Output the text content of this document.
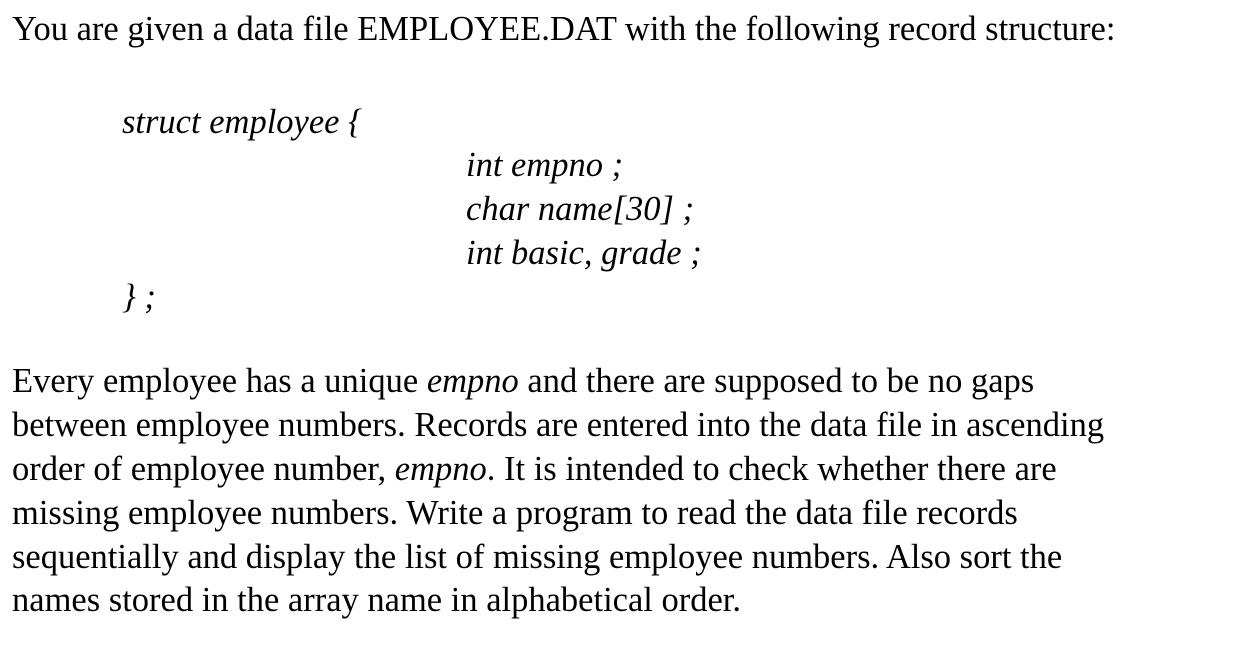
You are given a data file EMPLOYEE.DAT with the following record structure:
struct employee {
int empno ;
char name[30] ;
int basic, grade ;
} ;
Every employee has a unique empno and there are supposed to be no gaps
between employee numbers. Records are entered into the data file in ascending
order of employee number, empno. It is intended to check whether there are
missing employee numbers. Write a program to read the data file records
sequentially and display the list of missing employee numbers. Also sort the
names stored in the array name in alphabetical order.
